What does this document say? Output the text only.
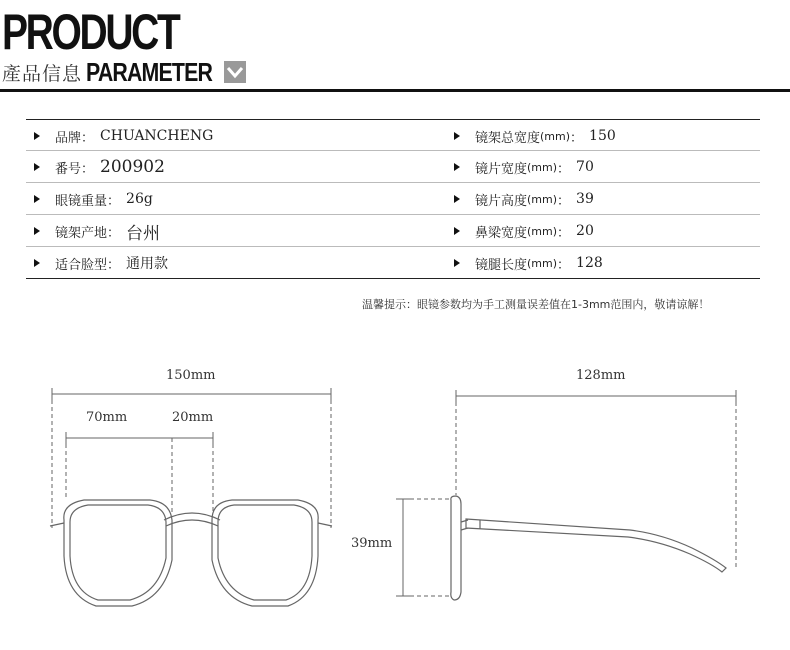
PRODUCT
產品信息 PARAMETER
品牌 ： CHUANCHENG	镜架总宽度 (mm) ： 150
番号 ： 200902	镜片宽度 (mm) ： 70
眼镜重量 ： 26g	镜片高度 (mm) ： 39
镜架产地 ： 台州	鼻梁宽度 (mm) ： 20
适合脸型 ： 通用款	镜腿长度 (mm) ： 128
温馨提示：眼镜参数均为手工测量误差值在1-3mm范围内，敬请谅解！
150mm
70mm	20mm
128mm
39mm
